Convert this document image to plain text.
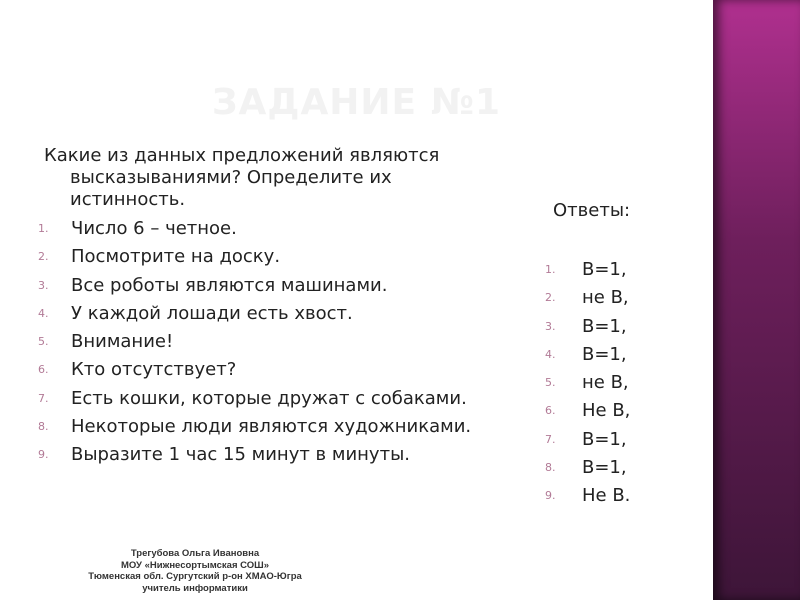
ЗАДАНИЕ №1
Какие из данных предложений являются
высказываниями? Определите их
истинность.
1.	Число 6 – четное.
2.	Посмотрите на доску.
3.	Все роботы являются машинами.
4.	У каждой лошади есть хвост.
5.	Внимание!
6.	Кто отсутствует?
7.	Есть кошки, которые дружат с собаками.
8.	Некоторые люди являются художниками.
9.	Выразите 1 час 15 минут в минуты.
Ответы:
1.	В=1,
2.	не В,
3.	В=1,
4.	В=1,
5.	не В,
6.	Не В,
7.	В=1,
8.	В=1,
9.	Не В.
Трегубова Ольга Ивановна
МОУ «Нижнесортымская СОШ»
Тюменская обл. Сургутский р-он ХМАО-Югра
учитель информатики
